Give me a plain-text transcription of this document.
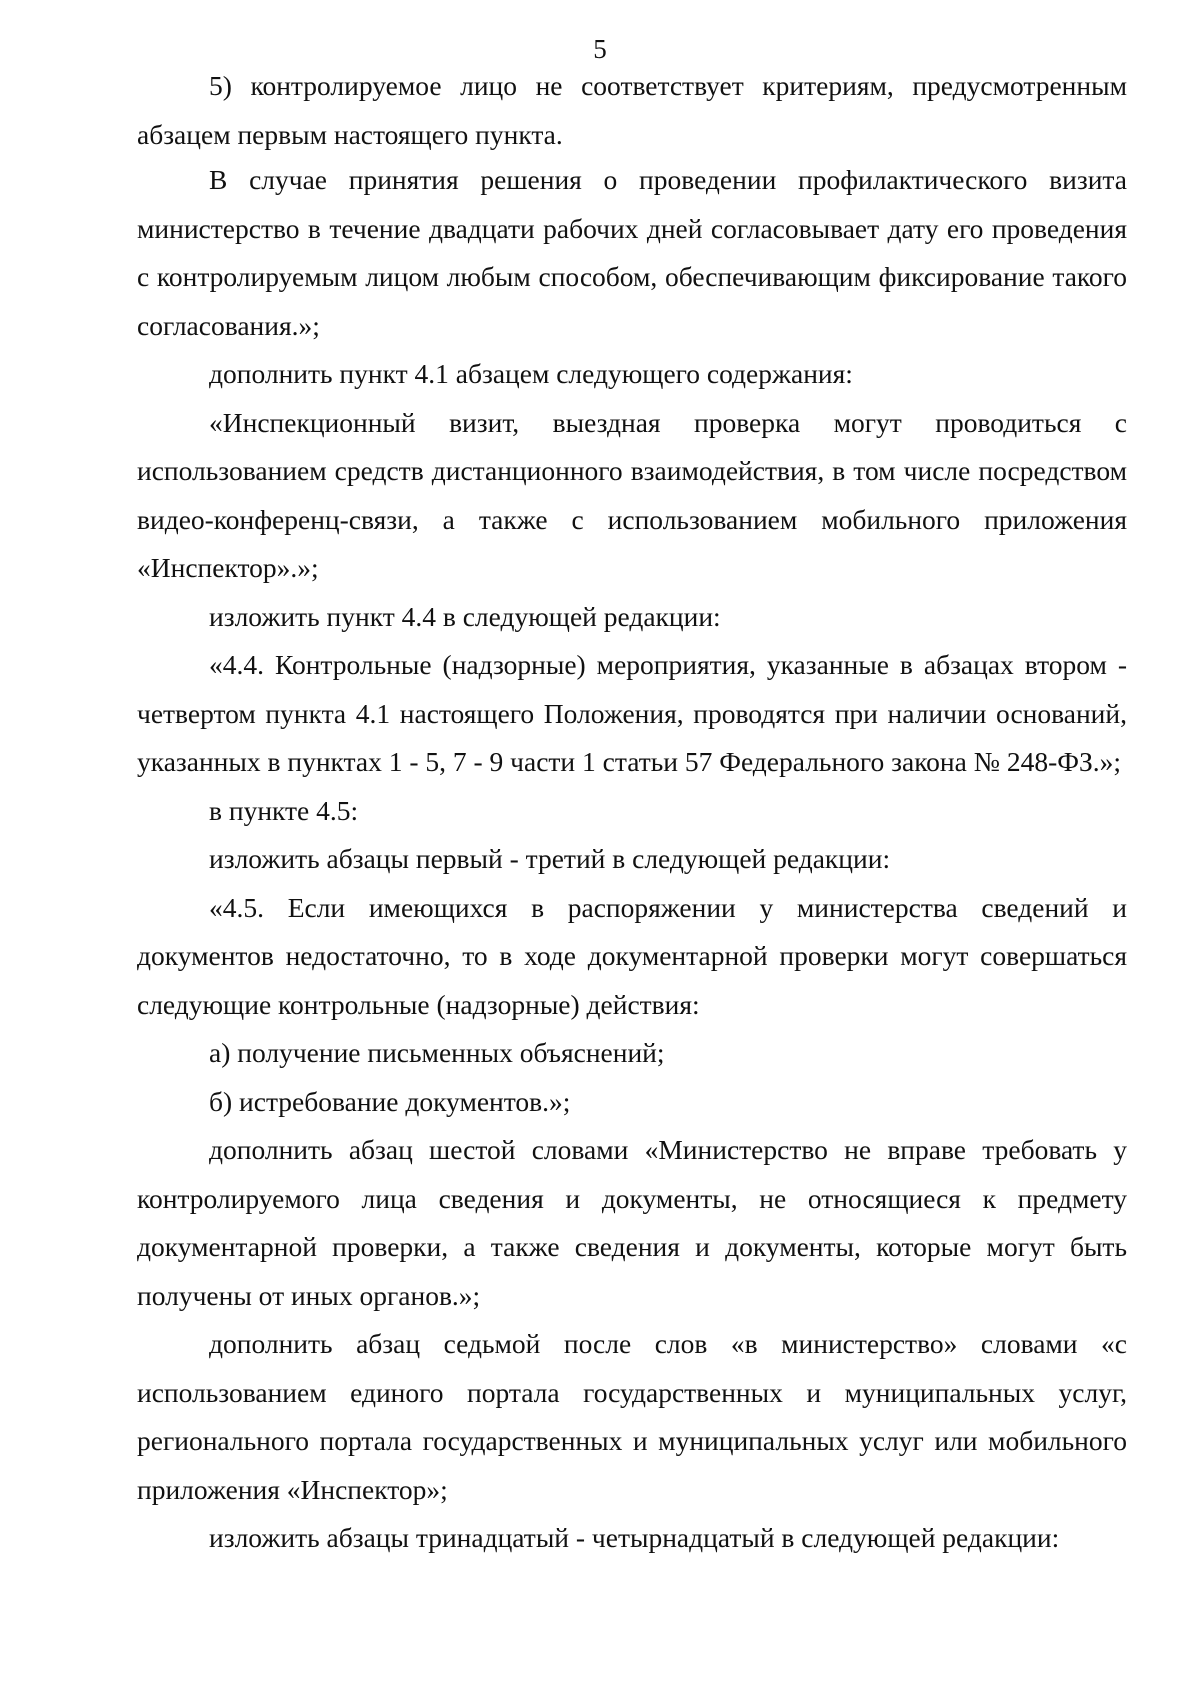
5

5) контролируемое лицо не соответствует критериям, предусмотренным абзацем первым настоящего пункта.

В случае принятия решения о проведении профилактического визита министерство в течение двадцати рабочих дней согласовывает дату его проведения с контролируемым лицом любым способом, обеспечивающим фиксирование такого согласования.»;

дополнить пункт 4.1 абзацем следующего содержания:

«Инспекционный визит, выездная проверка могут проводиться с использованием средств дистанционного взаимодействия, в том числе посредством видео-конференц-связи, а также с использованием мобильного приложения «Инспектор».»;

изложить пункт 4.4 в следующей редакции:

«4.4. Контрольные (надзорные) мероприятия, указанные в абзацах втором - четвертом пункта 4.1 настоящего Положения, проводятся при наличии оснований, указанных в пунктах 1 - 5, 7 - 9 части 1 статьи 57 Федерального закона № 248-ФЗ.»;

в пункте 4.5:

изложить абзацы первый - третий в следующей редакции:

«4.5. Если имеющихся в распоряжении у министерства сведений и документов недостаточно, то в ходе документарной проверки могут совершаться следующие контрольные (надзорные) действия:

а) получение письменных объяснений;

б) истребование документов.»;

дополнить абзац шестой словами «Министерство не вправе требовать у контролируемого лица сведения и документы, не относящиеся к предмету документарной проверки, а также сведения и документы, которые могут быть получены от иных органов.»;

дополнить абзац седьмой после слов «в министерство» словами «с использованием единого портала государственных и муниципальных услуг, регионального портала государственных и муниципальных услуг или мобильного приложения «Инспектор»;

изложить абзацы тринадцатый - четырнадцатый в следующей редакции:
